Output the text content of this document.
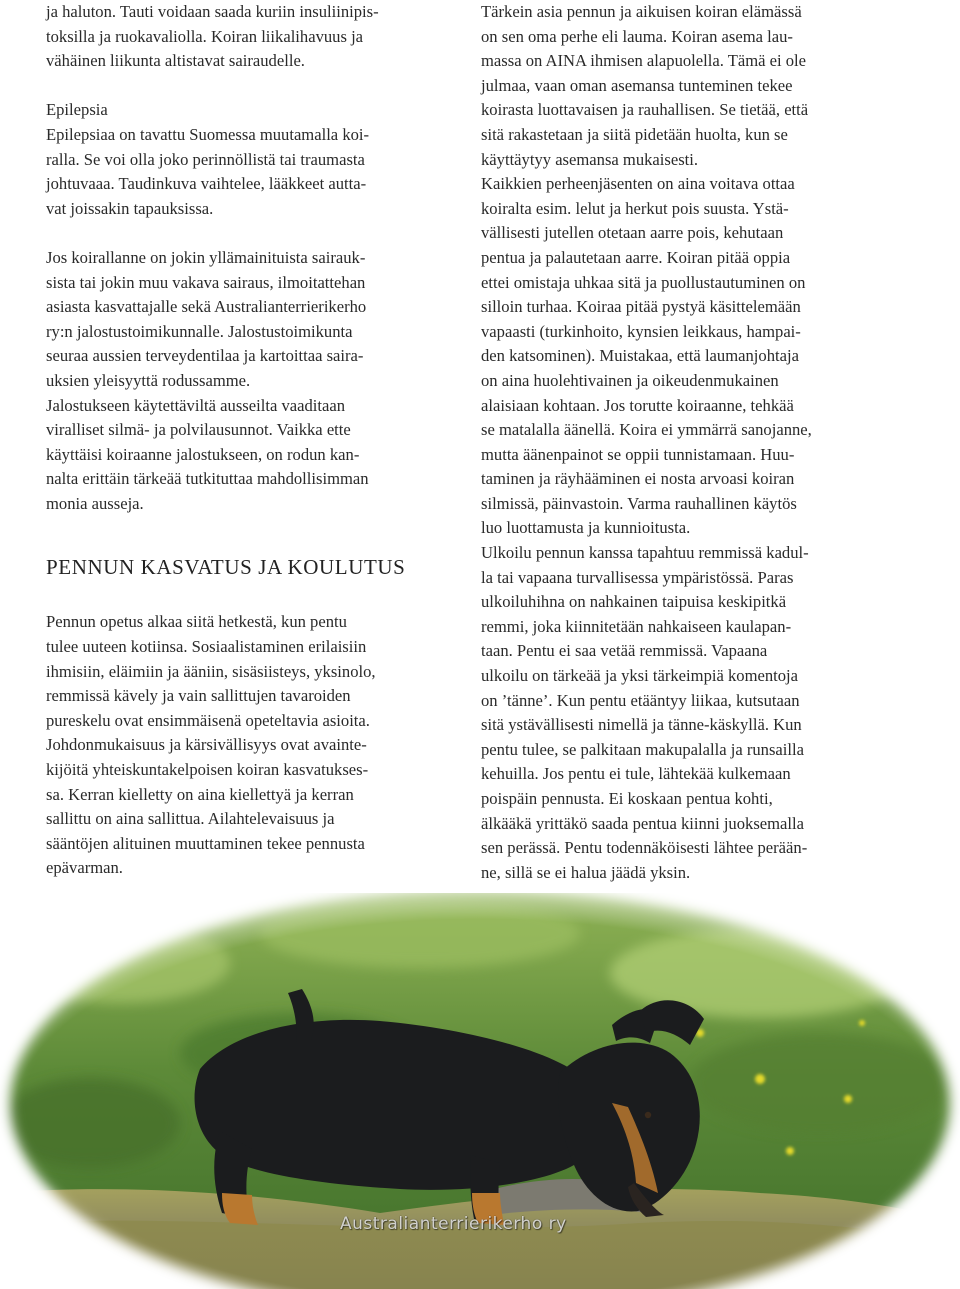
ja haluton. Tauti voidaan saada kuriin insuliinipis-
toksilla ja ruokavaliolla. Koiran liikalihavuus ja
vähäinen liikunta altistavat sairaudelle.

Epilepsia
Epilepsiaa on tavattu Suomessa muutamalla koi-
ralla. Se voi olla joko perinnöllistä tai traumasta
johtuvaaa. Taudinkuva vaihtelee, lääkkeet autta-
vat joissakin tapauksissa.

Jos koirallanne on jokin yllämainituista sairauk-
sista tai jokin muu vakava sairaus, ilmoitattehan
asiasta kasvattajalle sekä Australianterrierikerho
ry:n jalostustoimikunnalle. Jalostustoimikunta
seuraa aussien terveydentilaa ja kartoittaa saira-
uksien yleisyyttä rodussamme.
Jalostukseen käytettäviltä ausseilta vaaditaan
viralliset silmä- ja polvilausunnot. Vaikka ette
käyttäisi koiraanne jalostukseen, on rodun kan-
nalta erittäin tärkeää tutkituttaa mahdollisimman
monia ausseja.

PENNUN KASVATUS JA KOULUTUS

Pennun opetus alkaa siitä hetkestä, kun pentu
tulee uuteen kotiinsa. Sosiaalistaminen erilaisiin
ihmisiin, eläimiin ja ääniin, sisäsiisteys, yksinolo,
remmissä kävely ja vain sallittujen tavaroiden
pureskelu ovat ensimmäisenä opeteltavia asioita.
Johdonmukaisuus ja kärsivällisyys ovat avainte-
kijöitä yhteiskuntakelpoisen koiran kasvatukses-
sa. Kerran kielletty on aina kiellettyä ja kerran
sallittu on aina sallittua. Ailahtelevaisuus ja
sääntöjen alituinen muuttaminen tekee pennusta
epävarman.

Tärkein asia pennun ja aikuisen koiran elämässä
on sen oma perhe eli lauma. Koiran asema lau-
massa on AINA ihmisen alapuolella. Tämä ei ole
julmaa, vaan oman asemansa tunteminen tekee
koirasta luottavaisen ja rauhallisen. Se tietää, että
sitä rakastetaan ja siitä pidetään huolta, kun se
käyttäytyy asemansa mukaisesti.
Kaikkien perheenjäsenten on aina voitava ottaa
koiralta esim. lelut ja herkut pois suusta. Ystä-
vällisesti jutellen otetaan aarre pois, kehutaan
pentua ja palautetaan aarre. Koiran pitää oppia
ettei omistaja uhkaa sitä ja puollustautuminen on
silloin turhaa. Koiraa pitää pystyä käsittelemään
vapaasti (turkinhoito, kynsien leikkaus, hampai-
den katsominen). Muistakaa, että laumanjohtaja
on aina huolehtivainen ja oikeudenmukainen
alaisiaan kohtaan. Jos torutte koiraanne, tehkää
se matalalla äänellä. Koira ei ymmärrä sanojanne,
mutta äänenpainot se oppii tunnistamaan. Huu-
taminen ja räyhääminen ei nosta arvoasi koiran
silmissä, päinvastoin. Varma rauhallinen käytös
luo luottamusta ja kunnioitusta.
Ulkoilu pennun kanssa tapahtuu remmissä kadul-
la tai vapaana turvallisessa ympäristössä. Paras
ulkoiluhihna on nahkainen taipuisa keskipitkä
remmi, joka kiinnitetään nahkaiseen kaulapan-
taan. Pentu ei saa vetää remmissä. Vapaana
ulkoilu on tärkeää ja yksi tärkeimpiä komentoja
on ’tänne’. Kun pentu etääntyy liikaa, kutsutaan
sitä ystävällisesti nimellä ja tänne-käskyllä. Kun
pentu tulee, se palkitaan makupalalla ja runsailla
kehuilla. Jos pentu ei tule, lähtekää kulkemaan
poispäin pennusta. Ei koskaan pentua kohti,
älkääkä yrittäkö saada pentua kiinni juoksemalla
sen perässä. Pentu todennäköisesti lähtee perään-
ne, sillä se ei halua jäädä yksin.

Australianterrierikerho ry
